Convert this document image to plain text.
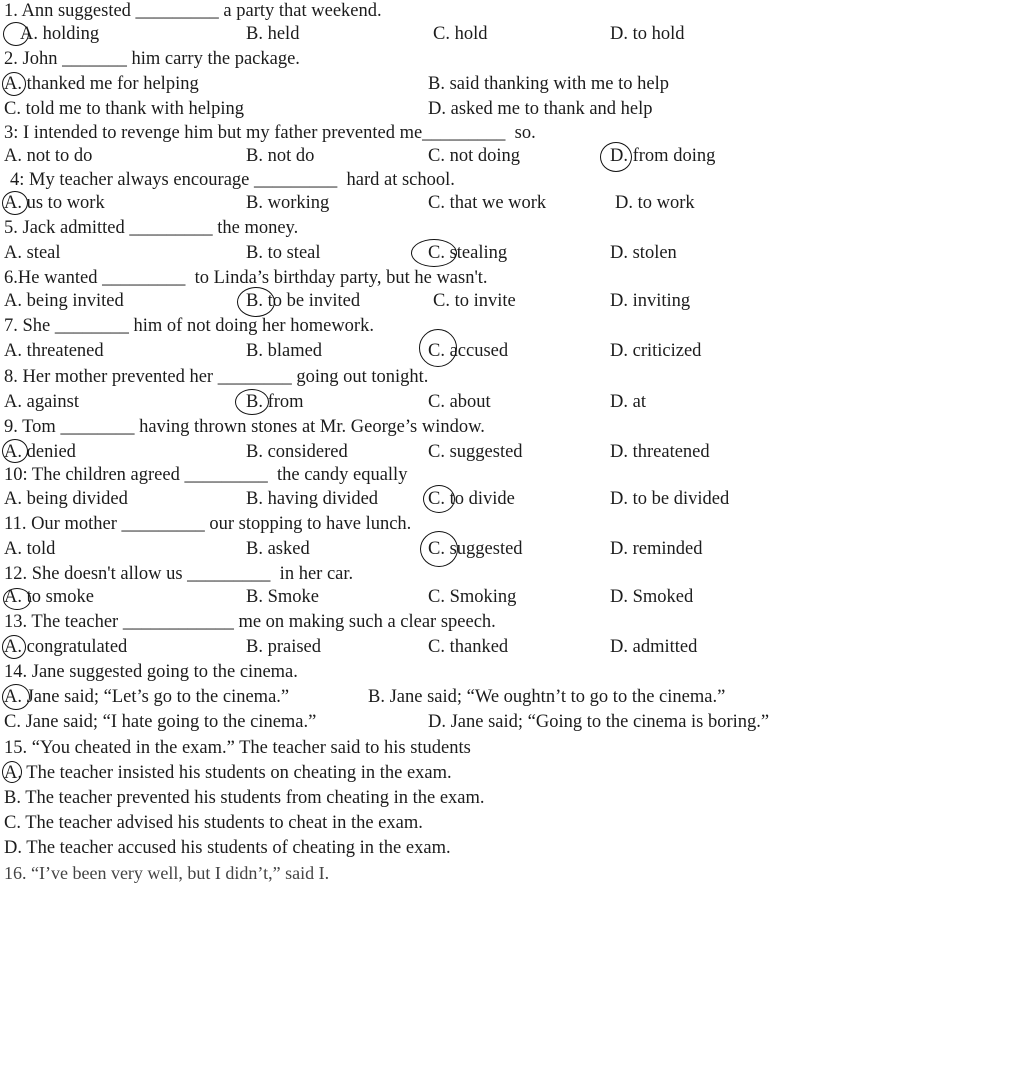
1. Ann suggested _________ a party that weekend.
A. holding	B. held	C. hold	D. to hold
2. John _______ him carry the package.
A. thanked me for helping	B. said thanking with me to help
C. told me to thank with helping	D. asked me to thank and help
3: I intended to revenge him but my father prevented me_________  so.
A. not to do	B. not do	C. not doing	D. from doing
4: My teacher always encourage _________  hard at school.
A. us to work	B. working	C. that we work	D. to work
5. Jack admitted _________ the money.
A. steal	B. to steal	C. stealing	D. stolen
6.He wanted _________  to Linda’s birthday party, but he wasn't.
A. being invited	B. to be invited	C. to invite	D. inviting
7. She ________ him of not doing her homework.
A. threatened	B. blamed	C. accused	D. criticized
8. Her mother prevented her ________ going out tonight.
A. against	B. from	C. about	D. at
9. Tom ________ having thrown stones at Mr. George’s window.
A. denied	B. considered	C. suggested	D. threatened
10: The children agreed _________  the candy equally
A. being divided	B. having divided	C. to divide	D. to be divided
11. Our mother _________ our stopping to have lunch.
A. told	B. asked	C. suggested	D. reminded
12. She doesn't allow us _________  in her car.
A. to smoke	B. Smoke	C. Smoking	D. Smoked
13. The teacher ____________ me on making such a clear speech.
A. congratulated	B. praised	C. thanked	D. admitted
14. Jane suggested going to the cinema.
A. Jane said; “Let’s go to the cinema.”	B. Jane said; “We oughtn’t to go to the cinema.”
C. Jane said; “I hate going to the cinema.”	D. Jane said; “Going to the cinema is boring.”
15. “You cheated in the exam.” The teacher said to his students
A. The teacher insisted his students on cheating in the exam.
B. The teacher prevented his students from cheating in the exam.
C. The teacher advised his students to cheat in the exam.
D. The teacher accused his students of cheating in the exam.
16. “I’ve been very well, but I didn’t,” said I.
